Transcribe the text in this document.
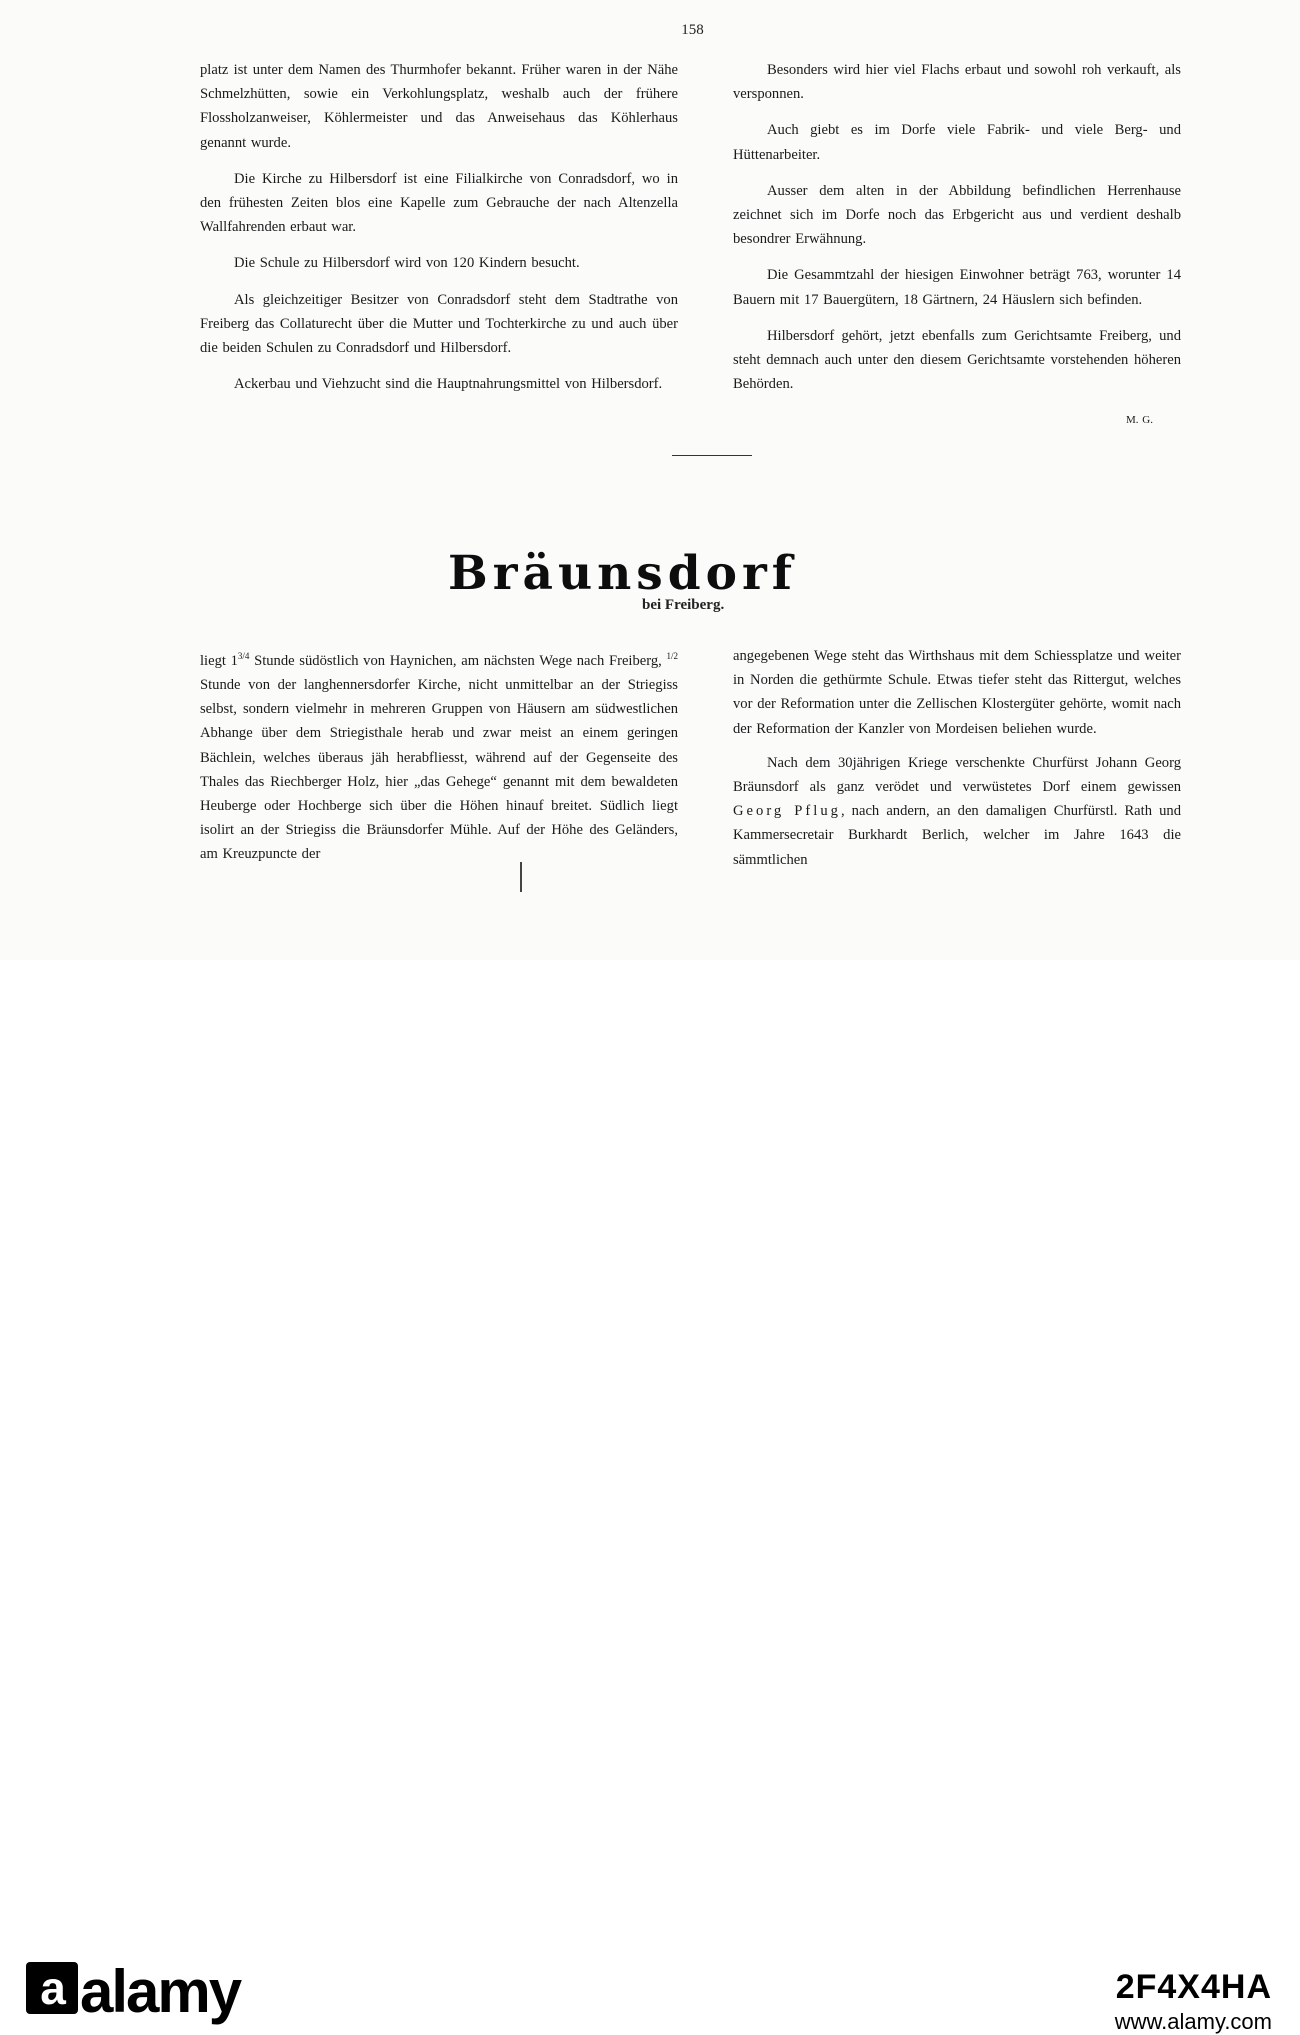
158

platz ist unter dem Namen des Thurmhofer bekannt. Früher waren in der Nähe Schmelzhütten, sowie ein Verkohlungsplatz, weshalb auch der frühere Flossholzanweiser, Köhlermeister und das Anweisehaus das Köhlerhaus genannt wurde.

Die Kirche zu Hilbersdorf ist eine Filialkirche von Conradsdorf, wo in den frühesten Zeiten blos eine Kapelle zum Gebrauche der nach Altenzella Wallfahrenden erbaut war.

Die Schule zu Hilbersdorf wird von 120 Kindern besucht.

Als gleichzeitiger Besitzer von Conradsdorf steht dem Stadtrathe von Freiberg das Collaturecht über die Mutter und Tochterkirche zu und auch über die beiden Schulen zu Conradsdorf und Hilbersdorf.

Ackerbau und Viehzucht sind die Hauptnahrungsmittel von Hilbersdorf.

Besonders wird hier viel Flachs erbaut und sowohl roh verkauft, als versponnen.

Auch giebt es im Dorfe viele Fabrik- und viele Berg- und Hüttenarbeiter.

Ausser dem alten in der Abbildung befindlichen Herrenhause zeichnet sich im Dorfe noch das Erbgericht aus und verdient deshalb besondrer Erwähnung.

Die Gesammtzahl der hiesigen Einwohner beträgt 763, worunter 14 Bauern mit 17 Bauergütern, 18 Gärtnern, 24 Häuslern sich befinden.

Hilbersdorf gehört, jetzt ebenfalls zum Gerichtsamte Freiberg, und steht demnach auch unter den diesem Gerichtsamte vorstehenden höheren Behörden.

M. G.

Bräunsdorf
bei Freiberg.

liegt $1^{3/4}$ Stunde südöstlich von Haynichen, am nächsten Wege nach Freiberg, $^{1/2}$ Stunde von der langhennersdorfer Kirche, nicht unmittelbar an der Striegiss selbst, sondern vielmehr in mehreren Gruppen von Häusern am südwestlichen Abhange über dem Striegisthale herab und zwar meist an einem geringen Bächlein, welches überaus jäh herabfliesst, während auf der Gegenseite des Thales das Riechberger Holz, hier „das Gehege“ genannt mit dem bewaldeten Heuberge oder Hochberge sich über die Höhen hinauf breitet. Südlich liegt isolirt an der Striegiss die Bräunsdorfer Mühle. Auf der Höhe des Geländers, am Kreuzpuncte der

angegebenen Wege steht das Wirthshaus mit dem Schiessplatze und weiter in Norden die gethürmte Schule. Etwas tiefer steht das Rittergut, welches vor der Reformation unter die Zellischen Klostergüter gehörte, womit nach der Reformation der Kanzler von Mordeisen beliehen wurde.

Nach dem 30jährigen Kriege verschenkte Churfürst Johann Georg Bräunsdorf als ganz verödet und verwüstetes Dorf einem gewissen Georg Pflug, nach andern, an den damaligen Churfürstl. Rath und Kammersecretair Burkhardt Berlich, welcher im Jahre 1643 die sämmtlichen

a alamy	2F4X4HA
www.alamy.com
